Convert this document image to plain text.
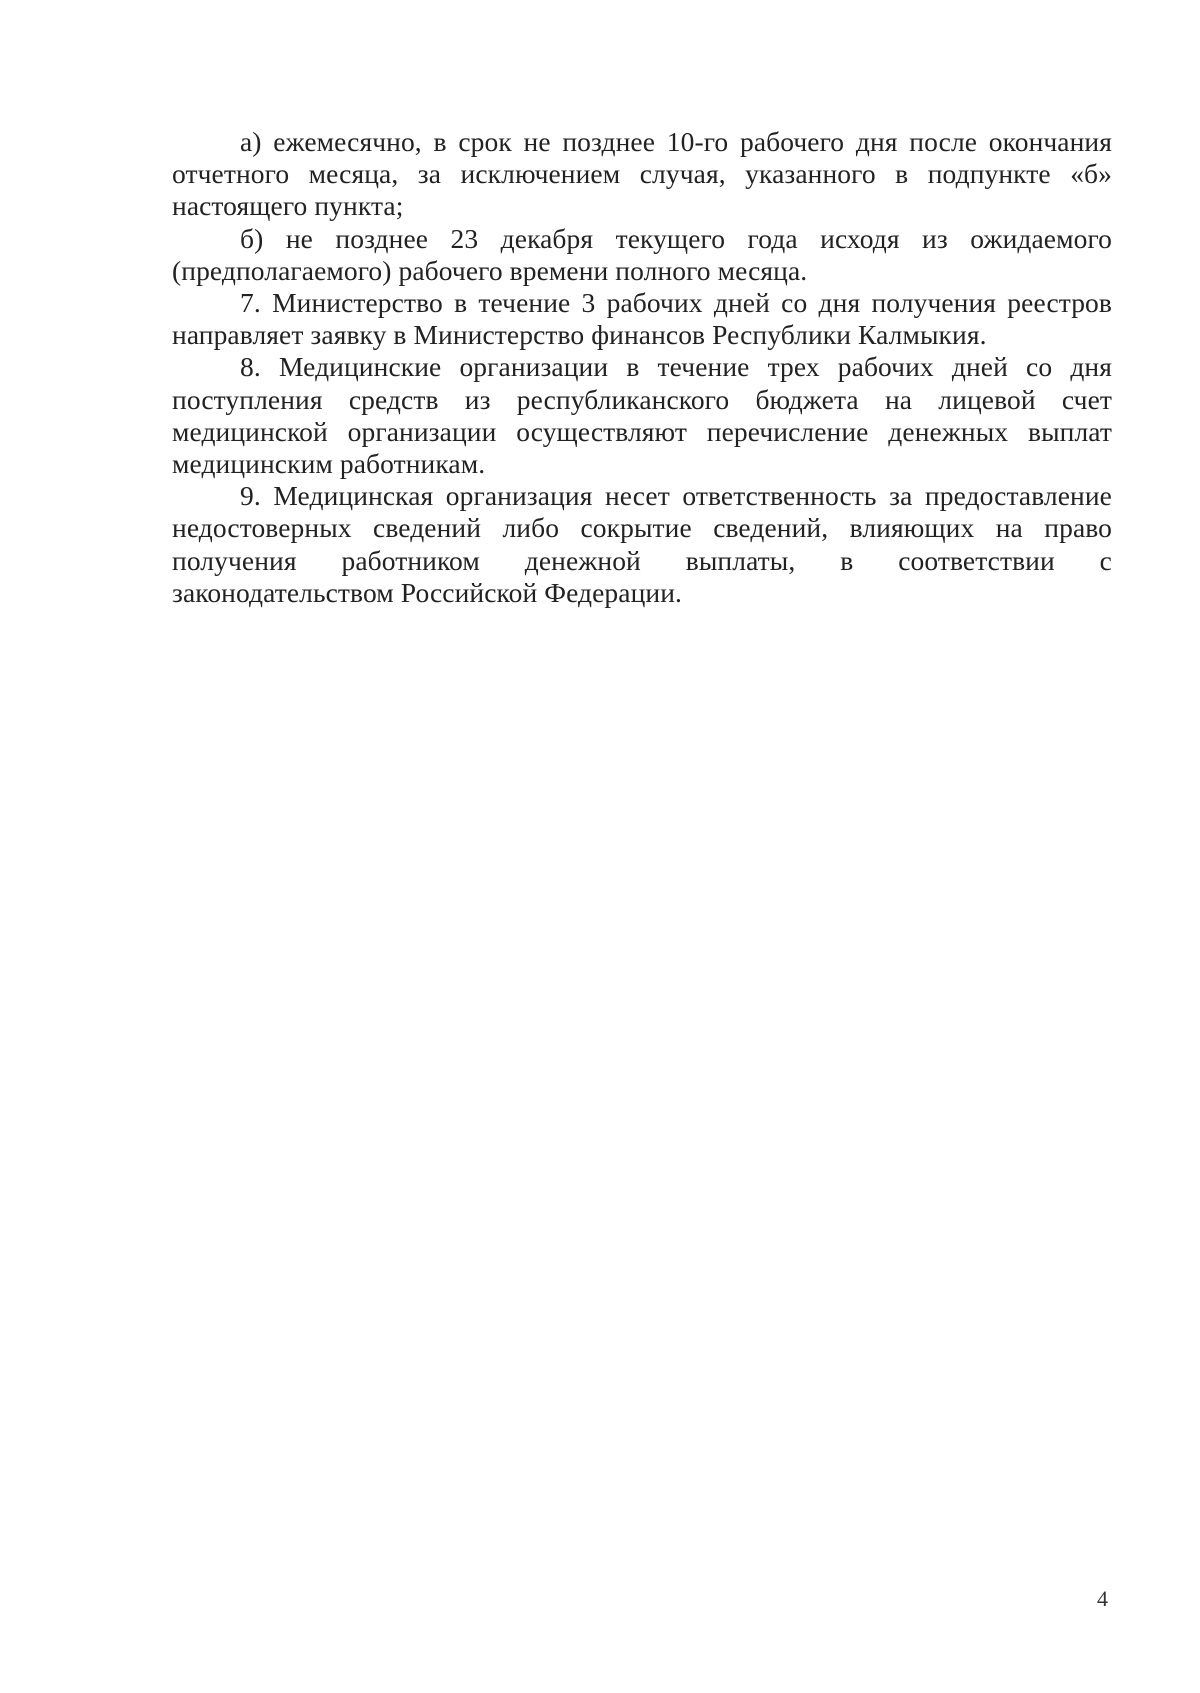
а) ежемесячно, в срок не позднее 10-го рабочего дня после окончания отчетного месяца, за исключением случая, указанного в подпункте «б» настоящего пункта;

б) не позднее 23 декабря текущего года исходя из ожидаемого (предполагаемого) рабочего времени полного месяца.

7. Министерство в течение 3 рабочих дней со дня получения реестров направляет заявку в Министерство финансов Республики Калмыкия.

8. Медицинские организации в течение трех рабочих дней со дня поступления средств из республиканского бюджета на лицевой счет медицинской организации осуществляют перечисление денежных выплат медицинским работникам.

9. Медицинская организация несет ответственность за предоставление недостоверных сведений либо сокрытие сведений, влияющих на право получения работником денежной выплаты, в соответствии с законодательством Российской Федерации.

4
